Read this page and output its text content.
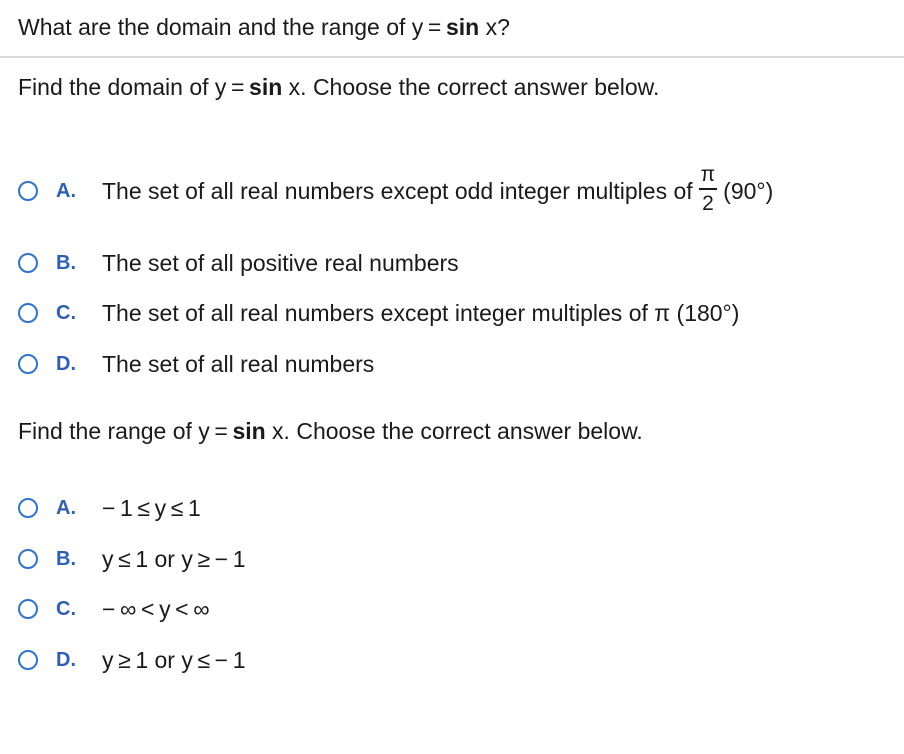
What are the domain and the range of y = sin x?
Find the domain of y = sin x. Choose the correct answer below.
A.	The set of all real numbers except odd integer multiples of $\frac{\pi}{2} (90^\circ)$
B.	The set of all positive real numbers
C.	The set of all real numbers except integer multiples of π (180°)
D.	The set of all real numbers
Find the range of y = sin x. Choose the correct answer below.
A.	− 1 ≤ y ≤ 1
B.	y ≤ 1 or y ≥ − 1
C.	− ∞ < y < ∞
D.	y ≥ 1 or y ≤ − 1
